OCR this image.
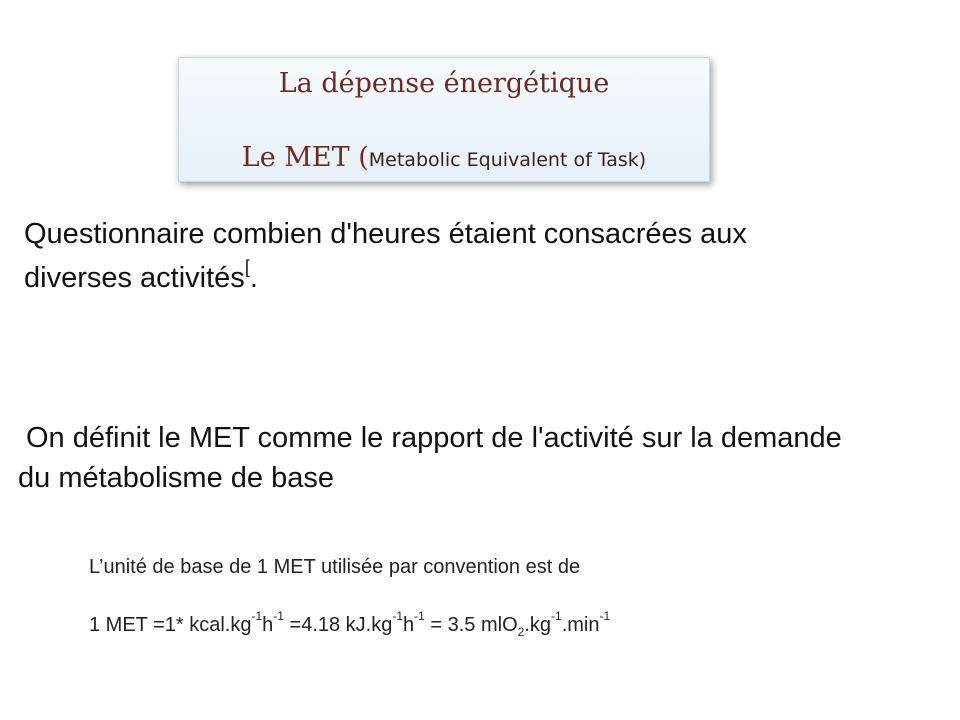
La dépense énergétique
Le MET (Metabolic Equivalent of Task)
Questionnaire combien d'heures étaient consacrées aux
diverses activités[.
On définit le MET comme le rapport de l'activité sur la demande
du métabolisme de base
L’unité de base de 1 MET utilisée par convention est de
1 MET =1* $kcal.kg^{-1}h^{-1} =4.18$ $kJ.kg^{-1}h^{-1} = 3.5$ $mlO_2.kg^{-1}.\min^{-1}$
